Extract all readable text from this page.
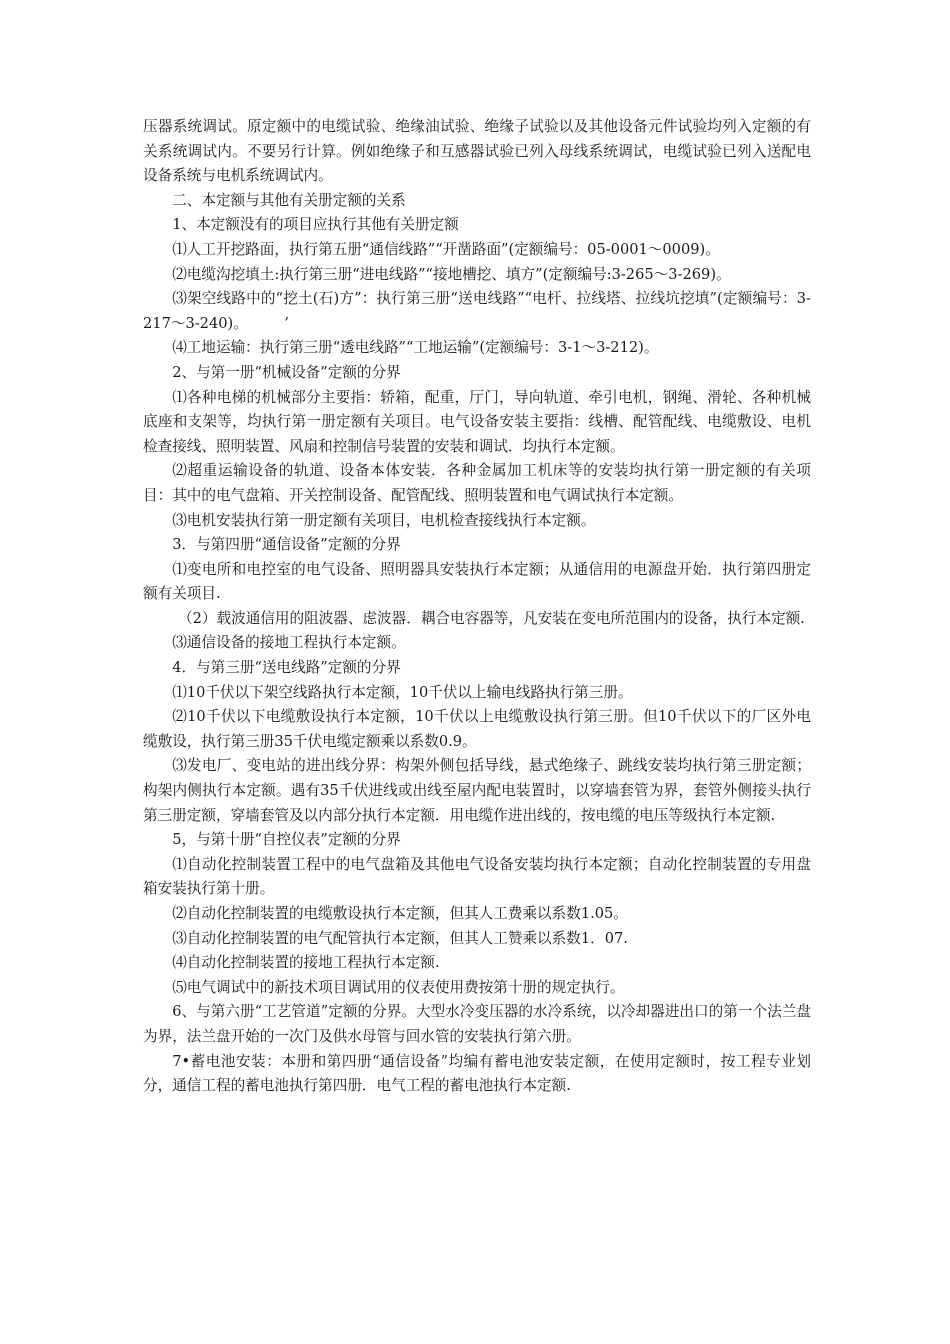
压器系统调试。原定额中的电缆试验、绝缘油试验、绝缘子试验以及其他设备元件试验均列入定额的有关系统调试内。不要另行计算。例如绝缘子和互感器试验已列入母线系统调试，电缆试验已列入送配电设备系统与电机系统调试内。

二、本定额与其他有关册定额的关系

1、本定额没有的项目应执行其他有关册定额

⑴人工开挖路面，执行第五册“通信线路”“开凿路面”(定额编号：05-0001～0009)。

⑵电缆沟挖填土:执行第三册“进电线路”“接地槽挖、填方”(定额编号:3-265～3-269)。

⑶架空线路中的“挖土(石)方”：执行第三册“送电线路”“电杆、拉线塔、拉线坑挖填”(定额编号：3-217～3-240)。　　　’

⑷工地运输：执行第三册“透电线路”“工地运输”(定额编号：3-1～3-212)。

2、与第一册“机械设备”定额的分界

⑴各种电梯的机械部分主要指：轿箱，配重，厅门，导向轨道、牵引电机，钢绳、滑轮、各种机械底座和支架等，均执行第一册定额有关项目。电气设备安装主要指：线槽、配管配线、电缆敷设、电机检查接线、照明装置、风扇和控制信号装置的安装和调试．均执行本定额。

⑵超重运输设备的轨道、设备本体安装．各种金属加工机床等的安装均执行第一册定额的有关项目：其中的电气盘箱、开关控制设备、配管配线、照明装置和电气调试执行本定额。

⑶电机安装执行第一册定额有关项目，电机检查接线执行本定额。

3．与第四册“通信设备”定额的分界

⑴变电所和电控室的电气设备、照明器具安装执行本定额；从通信用的电源盘开始．执行第四册定额有关项目.

（2）载波通信用的阻波器、虑波器．耦合电容器等，凡安装在变电所范围内的设备，执行本定额.

⑶通信设备的接地工程执行本定额。

4．与第三册“送电线路”定额的分界

⑴10千伏以下架空线路执行本定额，10千伏以上输电线路执行第三册。

⑵10千伏以下电缆敷设执行本定额，10千伏以上电缆敷设执行第三册。但10千伏以下的厂区外电缆敷设，执行第三册35千伏电缆定额乘以系数0.9。

⑶发电厂、变电站的进出线分界：构架外侧包括导线，悬式绝缘子、跳线安装均执行第三册定额；构架内侧执行本定额。遇有35千伏进线或出线至屋内配电装置时，以穿墙套管为界，套管外侧接头执行第三册定额，穿墙套管及以内部分执行本定额．用电缆作进出线的，按电缆的电压等级执行本定额.

5，与第十册“自控仪表”定额的分界

⑴自动化控制装置工程中的电气盘箱及其他电气设备安装均执行本定额；自动化控制装置的专用盘箱安装执行第十册。

⑵自动化控制装置的电缆敷设执行本定额，但其人工费乘以系数1.05。

⑶自动化控制装置的电气配管执行本定额，但其人工赞乘以系数1．07.

⑷自动化控制装置的接地工程执行本定额.

⑸电气调试中的新技术项目调试用的仪表使用费按第十册的规定执行。

6、与第六册“工艺管道”定额的分界。大型水冷变压器的水冷系统，以冷却器进出口的第一个法兰盘为界，法兰盘开始的一次门及供水母管与回水管的安装执行第六册。

7•蓄电池安装：本册和第四册“通信设备”均编有蓄电池安装定额，在使用定额时，按工程专业划分，通信工程的蓄电池执行第四册．电气工程的蓄电池执行本定额.
